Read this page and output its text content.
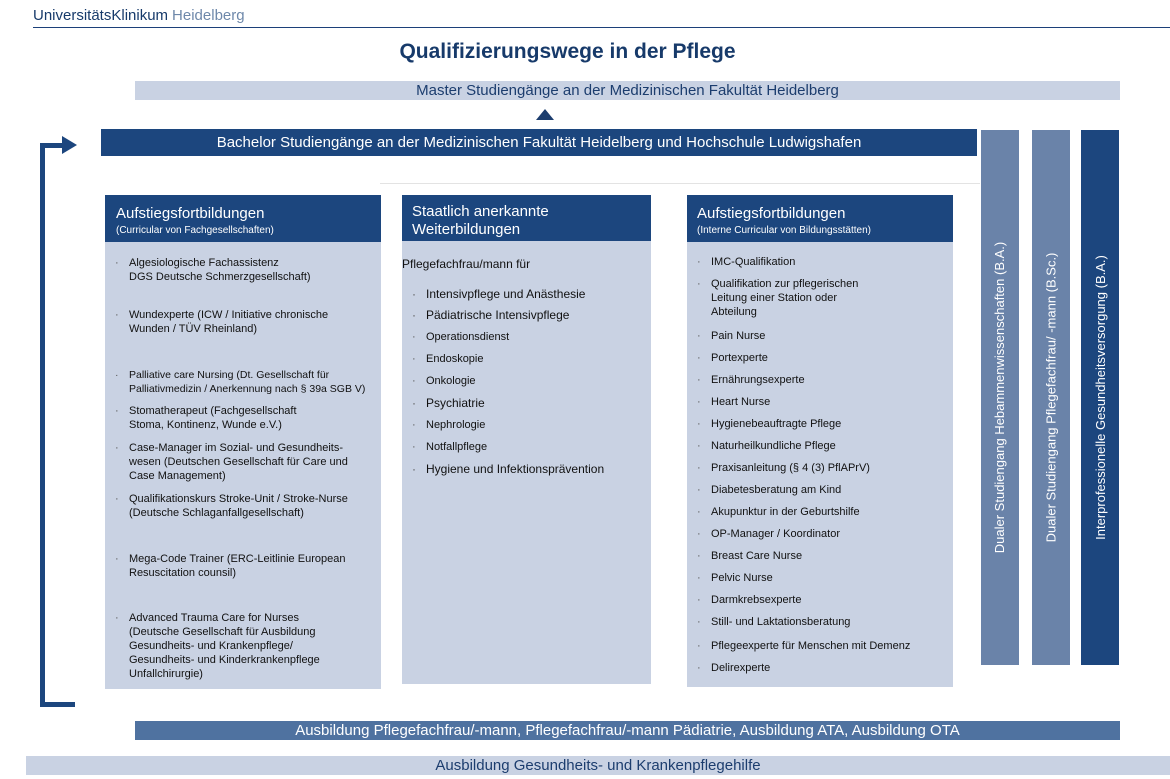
UniversitätsKlinikum Heidelberg
Qualifizierungswege in der Pflege
Master Studiengänge an der Medizinischen Fakultät Heidelberg
Bachelor Studiengänge an der Medizinischen Fakultät Heidelberg und Hochschule Ludwigshafen
Aufstiegsfortbildungen
(Curricular von Fachgesellschaften)
· Algesiologische Fachassistenz
DGS Deutsche Schmerzgesellschaft)
· Wundexperte (ICW / Initiative chronische
Wunden / TÜV Rheinland)
· Palliative care Nursing (Dt. Gesellschaft für
Palliativmedizin / Anerkennung nach § 39a SGB V)
· Stomatherapeut (Fachgesellschaft
Stoma, Kontinenz, Wunde e.V.)
· Case-Manager im Sozial- und Gesundheits-
wesen (Deutschen Gesellschaft für Care und
Case Management)
· Qualifikationskurs Stroke-Unit / Stroke-Nurse
(Deutsche Schlaganfallgesellschaft)
· Mega-Code Trainer (ERC-Leitlinie European
Resuscitation counsil)
· Advanced Trauma Care for Nurses
(Deutsche Gesellschaft für Ausbildung
Gesundheits- und Krankenpflege/
Gesundheits- und Kinderkrankenpflege
Unfallchirurgie)
Staatlich anerkannte
Weiterbildungen
Pflegefachfrau/mann für
· Intensivpflege und Anästhesie
· Pädiatrische Intensivpflege
· Operationsdienst
· Endoskopie
· Onkologie
· Psychiatrie
· Nephrologie
· Notfallpflege
· Hygiene und Infektionsprävention
Aufstiegsfortbildungen
(Interne Curricular von Bildungsstätten)
· IMC-Qualifikation
· Qualifikation zur pflegerischen
Leitung einer Station oder
Abteilung
· Pain Nurse
· Portexperte
· Ernährungsexperte
· Heart Nurse
· Hygienebeauftragte Pflege
· Naturheilkundliche Pflege
· Praxisanleitung (§ 4 (3) PflAPrV)
· Diabetesberatung am Kind
· Akupunktur in der Geburtshilfe
· OP-Manager / Koordinator
· Breast Care Nurse
· Pelvic Nurse
· Darmkrebsexperte
· Still- und Laktationsberatung
· Pflegeexperte für Menschen mit Demenz
· Delirexperte
Dualer Studiengang Hebammenwissenschaften (B.A.)	Dualer Studiengang Pflegefachfrau/ -mann (B.Sc.)	Interprofessionelle Gesundheitsversorgung (B.A.)
Ausbildung Pflegefachfrau/-mann, Pflegefachfrau/-mann Pädiatrie, Ausbildung ATA, Ausbildung OTA
Ausbildung Gesundheits- und Krankenpflegehilfe
